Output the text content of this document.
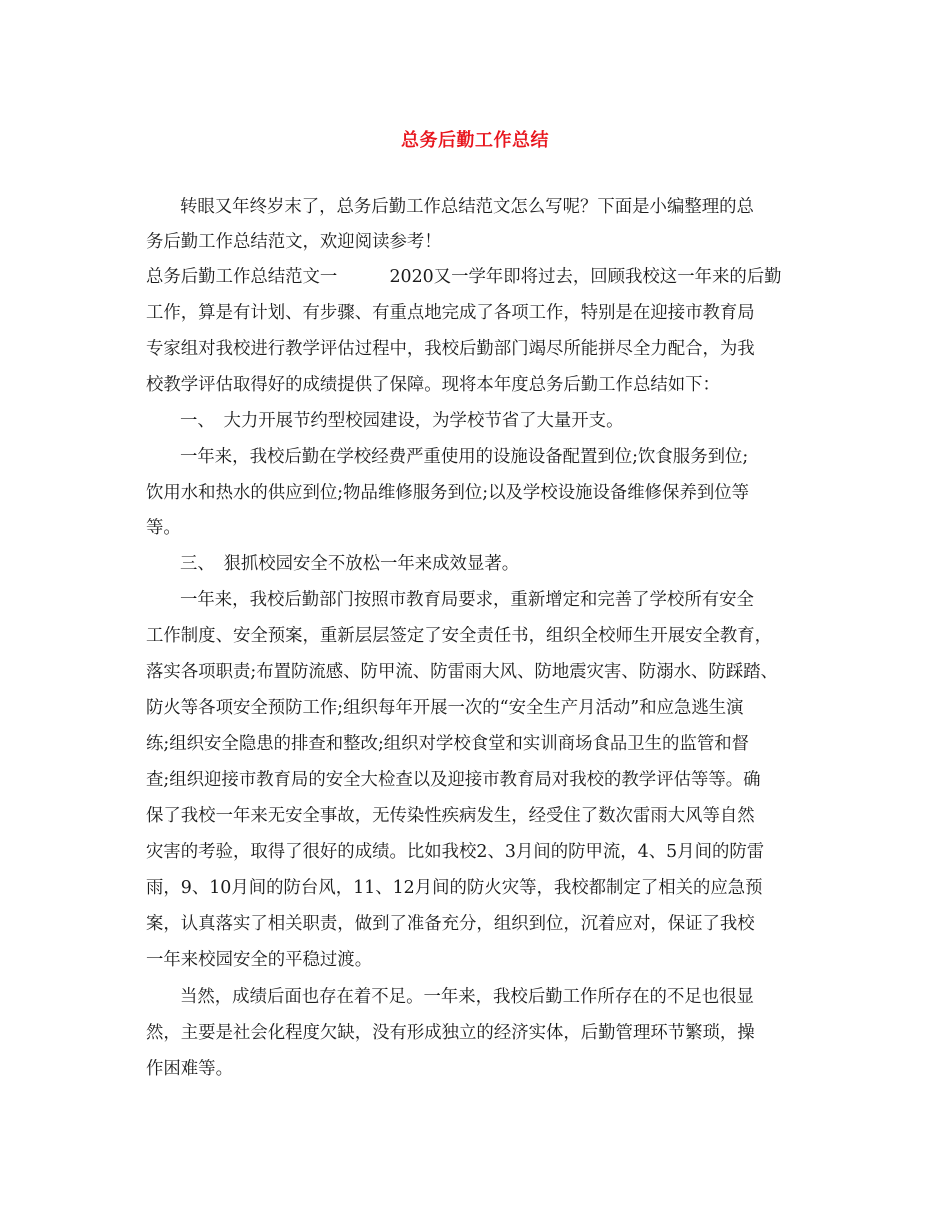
总务后勤工作总结
转眼又年终岁末了，总务后勤工作总结范文怎么写呢？下面是小编整理的总
务后勤工作总结范文，欢迎阅读参考！
总务后勤工作总结范文一　　　2020又一学年即将过去，回顾我校这一年来的后勤
工作，算是有计划、有步骤、有重点地完成了各项工作，特别是在迎接市教育局
专家组对我校进行教学评估过程中，我校后勤部门竭尽所能拼尽全力配合，为我
校教学评估取得好的成绩提供了保障。现将本年度总务后勤工作总结如下：
一、　大力开展节约型校园建设，为学校节省了大量开支。
一年来，我校后勤在学校经费严重使用的设施设备配置到位;饮食服务到位;
饮用水和热水的供应到位;物品维修服务到位;以及学校设施设备维修保养到位等
等。
三、　狠抓校园安全不放松一年来成效显著。
一年来，我校后勤部门按照市教育局要求，重新增定和完善了学校所有安全
工作制度、安全预案，重新层层签定了安全责任书，组织全校师生开展安全教育，
落实各项职责;布置防流感、防甲流、防雷雨大风、防地震灾害、防溺水、防踩踏、
防火等各项安全预防工作;组织每年开展一次的“安全生产月活动”和应急逃生演
练;组织安全隐患的排查和整改;组织对学校食堂和实训商场食品卫生的监管和督
查;组织迎接市教育局的安全大检查以及迎接市教育局对我校的教学评估等等。确
保了我校一年来无安全事故，无传染性疾病发生，经受住了数次雷雨大风等自然
灾害的考验，取得了很好的成绩。比如我校2、3月间的防甲流，4、5月间的防雷
雨，9、10月间的防台风，11、12月间的防火灾等，我校都制定了相关的应急预
案，认真落实了相关职责，做到了准备充分，组织到位，沉着应对，保证了我校
一年来校园安全的平稳过渡。
当然，成绩后面也存在着不足。一年来，我校后勤工作所存在的不足也很显
然，主要是社会化程度欠缺，没有形成独立的经济实体，后勤管理环节繁琐，操
作困难等。
